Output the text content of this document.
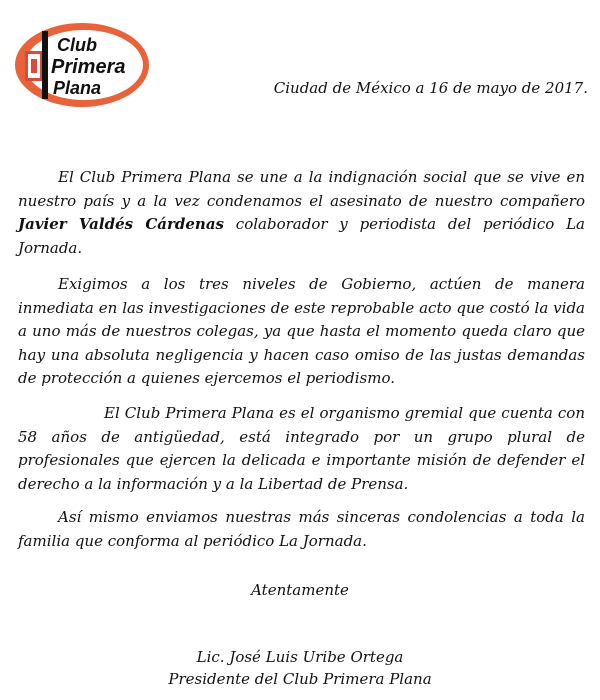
Club
Primera
Plana	Ciudad de México a 16 de mayo de 2017.

El Club Primera Plana se une a la indignación social que se vive en nuestro país y a la vez condenamos el asesinato de nuestro compañero Javier Valdés Cárdenas colaborador y periodista del periódico La Jornada.

Exigimos a los tres niveles de Gobierno, actúen de manera inmediata en las investigaciones de este reprobable acto que costó la vida a uno más de nuestros colegas, ya que hasta el momento queda claro que hay una absoluta negligencia y hacen caso omiso de las justas demandas de protección a quienes ejercemos el periodismo.

El Club Primera Plana es el organismo gremial que cuenta con 58 años de antigüedad, está integrado por un grupo plural de profesionales que ejercen la delicada e importante misión de defender el derecho a la información y a la Libertad de Prensa.

Así mismo enviamos nuestras más sinceras condolencias a toda la familia que conforma al periódico La Jornada.

Atentamente
Lic. José Luis Uribe Ortega
Presidente del Club Primera Plana
